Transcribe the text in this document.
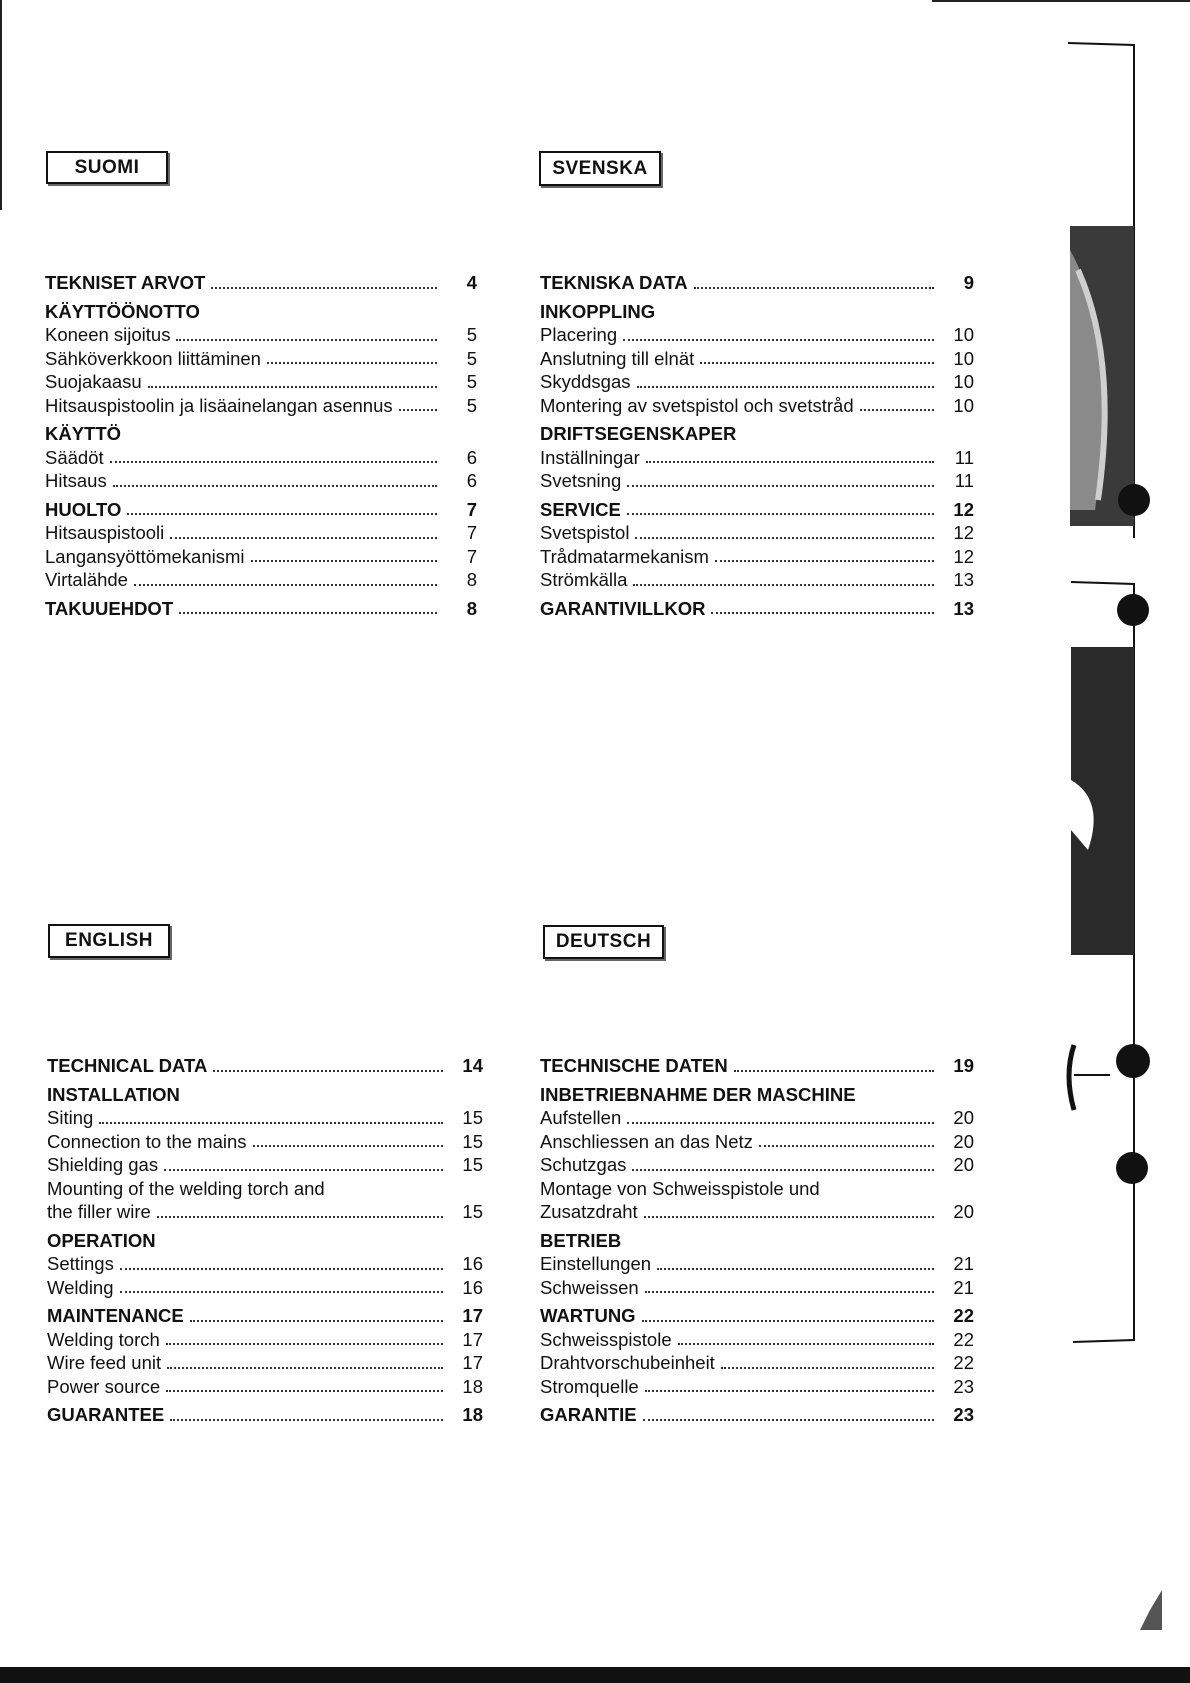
SUOMI	SVENSKA
ENGLISH	DEUTSCH
TEKNISET ARVOT	4
KÄYTTÖÖNOTTO
Koneen sijoitus	5
Sähköverkkoon liittäminen	5
Suojakaasu	5
Hitsauspistoolin ja lisäainelangan asennus	5
KÄYTTÖ
Säädöt	6
Hitsaus	6
HUOLTO	7
Hitsauspistooli	7
Langansyöttömekanismi	7
Virtalähde	8
TAKUUEHDOT	8
TEKNISKA DATA	9
INKOPPLING
Placering	10
Anslutning till elnät	10
Skyddsgas	10
Montering av svetspistol och svetstråd	10
DRIFTSEGENSKAPER
Inställningar	11
Svetsning	11
SERVICE	12
Svetspistol	12
Trådmatarmekanism	12
Strömkälla	13
GARANTIVILLKOR	13
TECHNICAL DATA	14
INSTALLATION
Siting	15
Connection to the mains	15
Shielding gas	15
Mounting of the welding torch and
the filler wire	15
OPERATION
Settings	16
Welding	16
MAINTENANCE	17
Welding torch	17
Wire feed unit	17
Power source	18
GUARANTEE	18
TECHNISCHE DATEN	19
INBETRIEBNAHME DER MASCHINE
Aufstellen	20
Anschliessen an das Netz	20
Schutzgas	20
Montage von Schweisspistole und
Zusatzdraht	20
BETRIEB
Einstellungen	21
Schweissen	21
WARTUNG	22
Schweisspistole	22
Drahtvorschubeinheit	22
Stromquelle	23
GARANTIE	23
